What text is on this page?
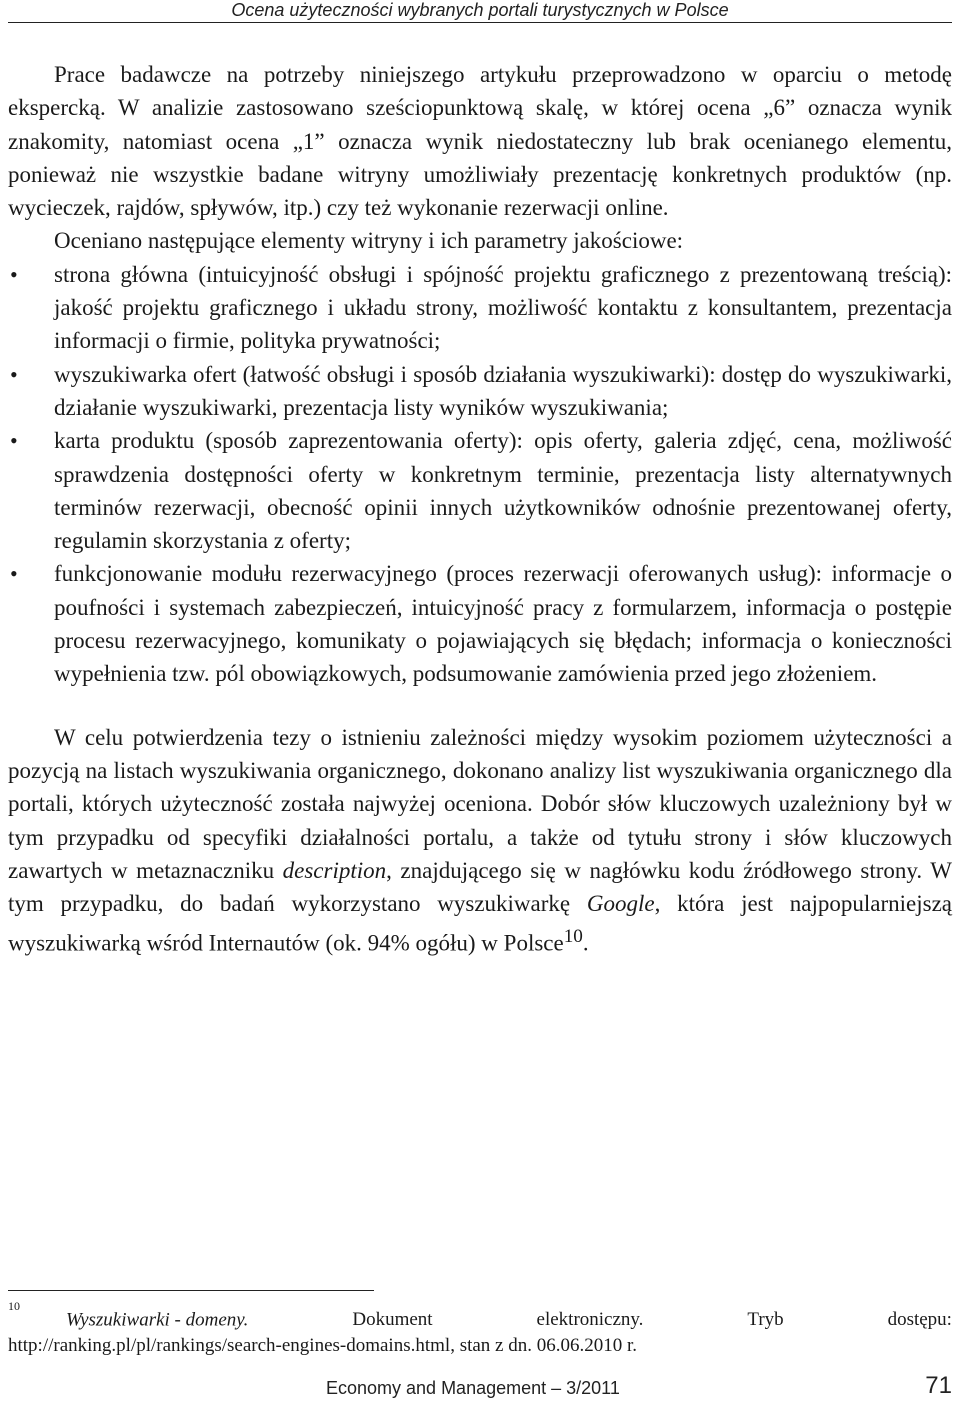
Ocena użyteczności wybranych portali turystycznych w Polsce

Prace badawcze na potrzeby niniejszego artykułu przeprowadzono w oparciu o metodę ekspercką. W analizie zastosowano sześciopunktową skalę, w której ocena „6” oznacza wynik znakomity, natomiast ocena „1” oznacza wynik niedostateczny lub brak ocenianego elementu, ponieważ nie wszystkie badane witryny umożliwiały prezentację konkretnych produktów (np. wycieczek, rajdów, spływów, itp.) czy też wykonanie rezerwacji online.

Oceniano następujące elementy witryny i ich parametry jakościowe:

• strona główna (intuicyjność obsługi i spójność projektu graficznego z prezentowaną treścią): jakość projektu graficznego i układu strony, możliwość kontaktu z konsultantem, prezentacja informacji o firmie, polityka prywatności;
• wyszukiwarka ofert (łatwość obsługi i sposób działania wyszukiwarki): dostęp do wyszukiwarki, działanie wyszukiwarki, prezentacja listy wyników wyszukiwania;
• karta produktu (sposób zaprezentowania oferty): opis oferty, galeria zdjęć, cena, możliwość sprawdzenia dostępności oferty w konkretnym terminie, prezentacja listy alternatywnych terminów rezerwacji, obecność opinii innych użytkowników odnośnie prezentowanej oferty, regulamin skorzystania z oferty;
• funkcjonowanie modułu rezerwacyjnego (proces rezerwacji oferowanych usług): informacje o poufności i systemach zabezpieczeń, intuicyjność pracy z formularzem, informacja o postępie procesu rezerwacyjnego, komunikaty o pojawiających się błędach; informacja o konieczności wypełnienia tzw. pól obowiązkowych, podsumowanie zamówienia przed jego złożeniem.

W celu potwierdzenia tezy o istnieniu zależności między wysokim poziomem użyteczności a pozycją na listach wyszukiwania organicznego, dokonano analizy list wyszukiwania organicznego dla portali, których użyteczność została najwyżej oceniona. Dobór słów kluczowych uzależniony był w tym przypadku od specyfiki działalności portalu, a także od tytułu strony i słów kluczowych zawartych w metaznaczniku description, znajdującego się w nagłówku kodu źródłowego strony. W tym przypadku, do badań wykorzystano wyszukiwarkę Google, która jest najpopularniejszą wyszukiwarką wśród Internautów (ok. 94% ogółu) w Polsce$^{10}$.

$^{10}$Wyszukiwarki - domeny.	Dokument	elektroniczny.	Tryb	dostępu:
http://ranking.pl/pl/rankings/search-engines-domains.html, stan z dn. 06.06.2010 r.
Economy and Management – 3/2011	71
